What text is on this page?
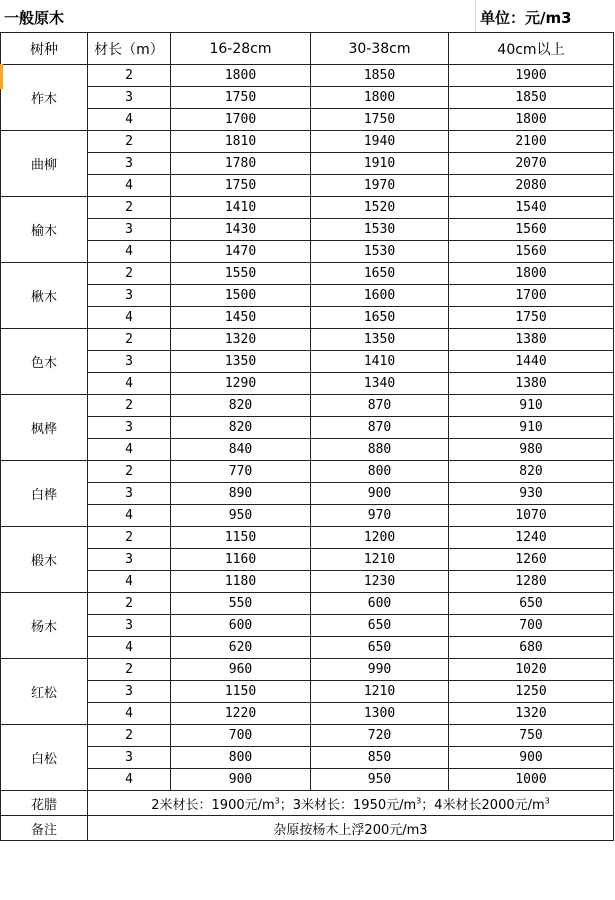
一般原木	单位：元/m3
树种	材长（m）	16-28cm	30-38cm	40cm以上
柞木	2	1800	1850	1900
	3	1750	1800	1850
	4	1700	1750	1800
曲柳	2	1810	1940	2100
	3	1780	1910	2070
	4	1750	1970	2080
榆木	2	1410	1520	1540
	3	1430	1530	1560
	4	1470	1530	1560
楸木	2	1550	1650	1800
	3	1500	1600	1700
	4	1450	1650	1750
色木	2	1320	1350	1380
	3	1350	1410	1440
	4	1290	1340	1380
枫桦	2	820	870	910
	3	820	870	910
	4	840	880	980
白桦	2	770	800	820
	3	890	900	930
	4	950	970	1070
椴木	2	1150	1200	1240
	3	1160	1210	1260
	4	1180	1230	1280
杨木	2	550	600	650
	3	600	650	700
	4	620	650	680
红松	2	960	990	1020
	3	1150	1210	1250
	4	1220	1300	1320
白松	2	700	720	750
	3	800	850	900
	4	900	950	1000
花腊	2米材长：1900元$/m^3$；3米材长：1950元$/m^3$；4米材长2000元$/m^3$
备注	杂原按杨木上浮200元/m3			
